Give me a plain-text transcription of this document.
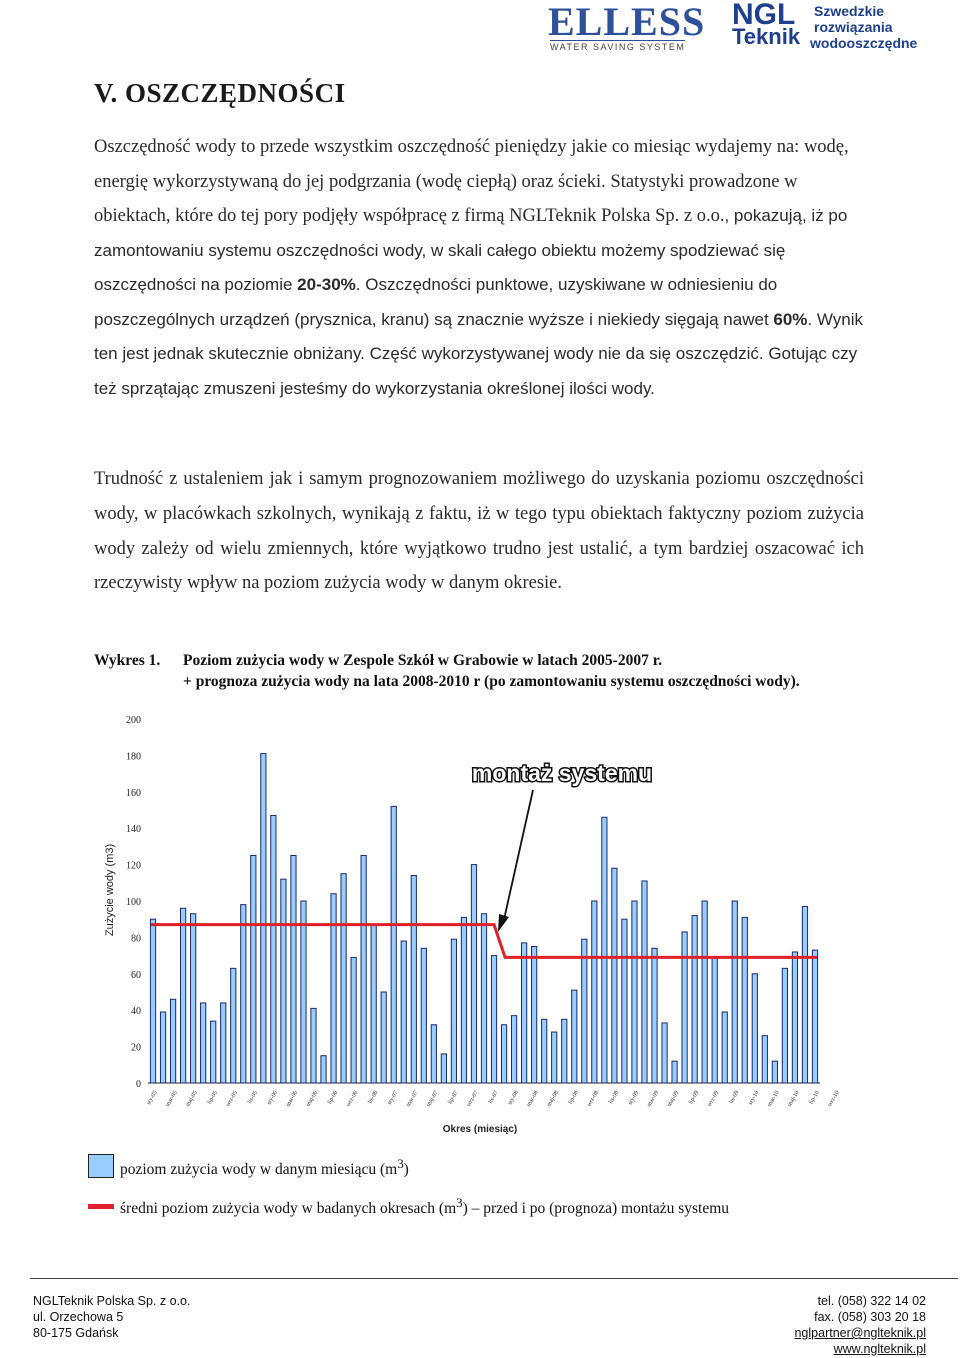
ELLESS
WATER SAVING SYSTEM
NGL
Teknik
Szwedzkie
rozwiązania
wodooszczędne
V. OSZCZĘDNOŚCI

Oszczędność wody to przede wszystkim oszczędność pieniędzy jakie co miesiąc wydajemy na: wodę, energię wykorzystywaną do jej podgrzania (wodę ciepłą) oraz ścieki. Statystyki prowadzone w obiektach, które do tej pory podjęły współpracę z firmą NGLTeknik Polska Sp. z o.o., pokazują, iż po zamontowaniu systemu oszczędności wody, w skali całego obiektu możemy spodziewać się oszczędności na poziomie 20-30%. Oszczędności punktowe, uzyskiwane w odniesieniu do poszczególnych urządzeń (prysznica, kranu) są znacznie wyższe i niekiedy sięgają nawet 60%. Wynik ten jest jednak skutecznie obniżany. Część wykorzystywanej wody nie da się oszczędzić. Gotując czy też sprzątając zmuszeni jesteśmy do wykorzystania określonej ilości wody.

Trudność z ustaleniem jak i samym prognozowaniem możliwego do uzyskania poziomu oszczędności wody, w placówkach szkolnych, wynikają z faktu, iż w tego typu obiektach faktyczny poziom zużycia wody zależy od wielu zmiennych, które wyjątkowo trudno jest ustalić, a tym bardziej oszacować ich rzeczywisty wpływ na poziom zużycia wody w danym okresie.

Wykres 1. Poziom zużycia wody w Zespole Szkół w Grabowie w latach 2005-2007 r.
+ prognoza zużycia wody na lata 2008-2010 r (po zamontowaniu systemu oszczędności wody).
0
20
40
60
80
100
120
140
160
180
200
Zużycie wody (m3)
sty-05 mar-05 maj-05 lip-05 wrz-05 lis-05 sty-06 mar-06 maj-06 lip-06 wrz-06 lis-06 sty-07 mar-07 maj-07 lip-07 wrz-07 lis-07 sty-08 mar-08 maj-08 lip-08 wrz-08 lis-08 sty-09 mar-09 maj-09 lip-09 wrz-09 lis-09 sty-10 mar-10 maj-10 lip-10 wrz-10
Okres (miesiąc)
montaż systemu
poziom zużycia wody w danym miesiącu $(m^3)$
średni poziom zużycia wody w badanych okresach $(m^3)$ – przed i po (prognoza) montażu systemu
NGLTeknik Polska Sp. z o.o.
ul. Orzechowa 5
80-175 Gdańsk
tel. (058) 322 14 02
fax. (058) 303 20 18
nglpartner@nglteknik.pl
www.nglteknik.pl
